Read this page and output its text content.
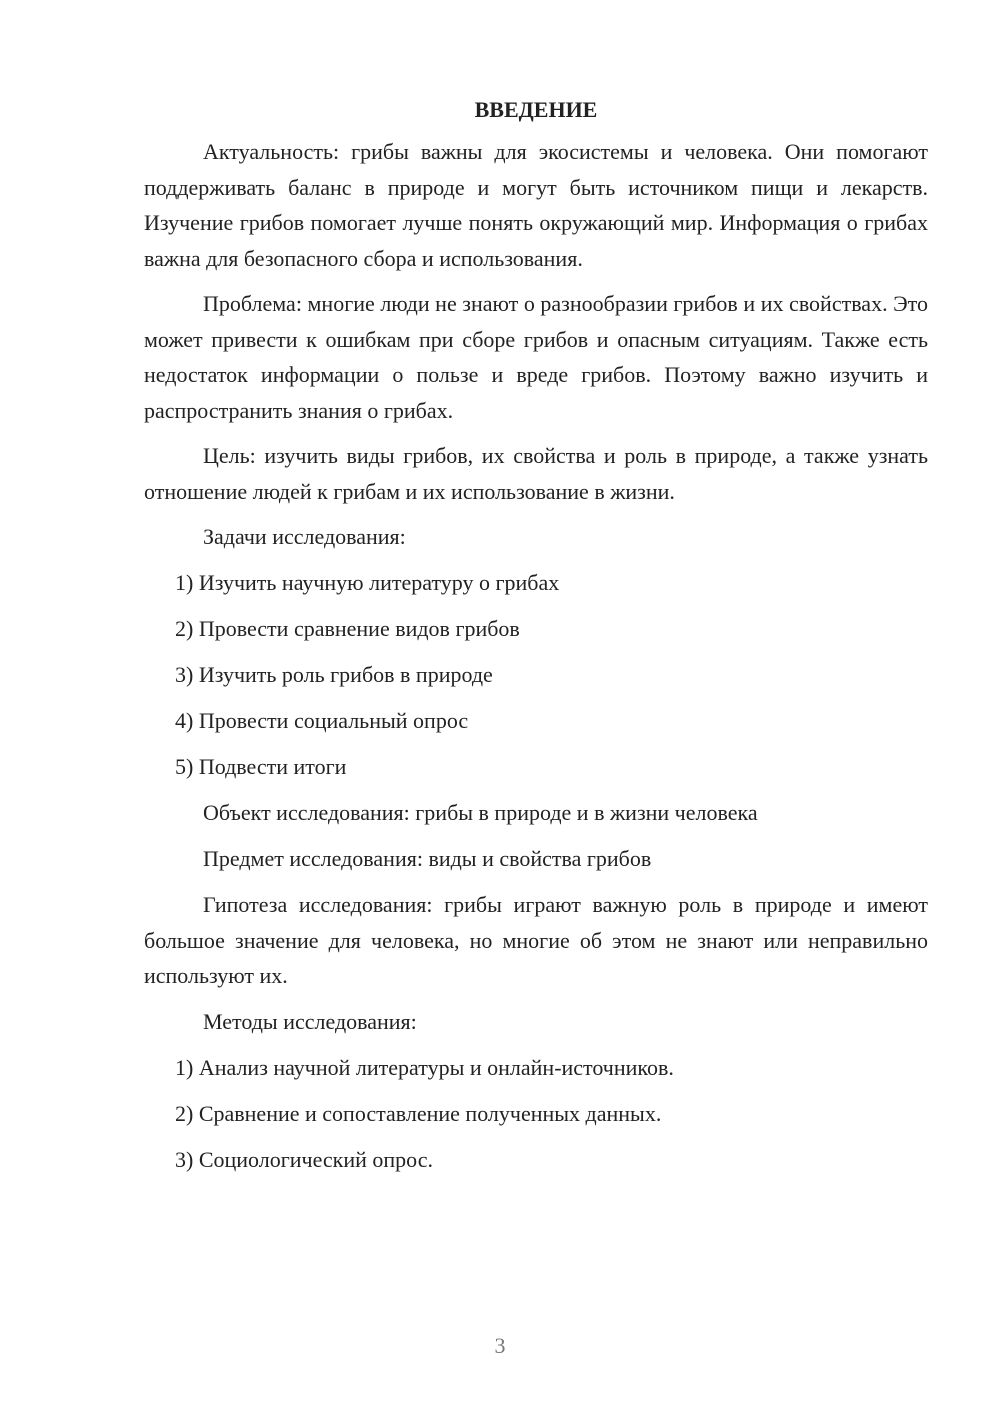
ВВЕДЕНИЕ

Актуальность: грибы важны для экосистемы и человека. Они помогают поддерживать баланс в природе и могут быть источником пищи и лекарств. Изучение грибов помогает лучше понять окружающий мир. Информация о грибах важна для безопасного сбора и использования.

Проблема: многие люди не знают о разнообразии грибов и их свойствах. Это может привести к ошибкам при сборе грибов и опасным ситуациям. Также есть недостаток информации о пользе и вреде грибов. Поэтому важно изучить и распространить знания о грибах.

Цель: изучить виды грибов, их свойства и роль в природе, а также узнать отношение людей к грибам и их использование в жизни.

Задачи исследования:
1) Изучить научную литературу о грибах
2) Провести сравнение видов грибов
3) Изучить роль грибов в природе
4) Провести социальный опрос
5) Подвести итоги
Объект исследования: грибы в природе и в жизни человека
Предмет исследования: виды и свойства грибов

Гипотеза исследования: грибы играют важную роль в природе и имеют большое значение для человека, но многие об этом не знают или неправильно используют их.

Методы исследования:
1) Анализ научной литературы и онлайн-источников.
2) Сравнение и сопоставление полученных данных.
3) Социологический опрос.
3
